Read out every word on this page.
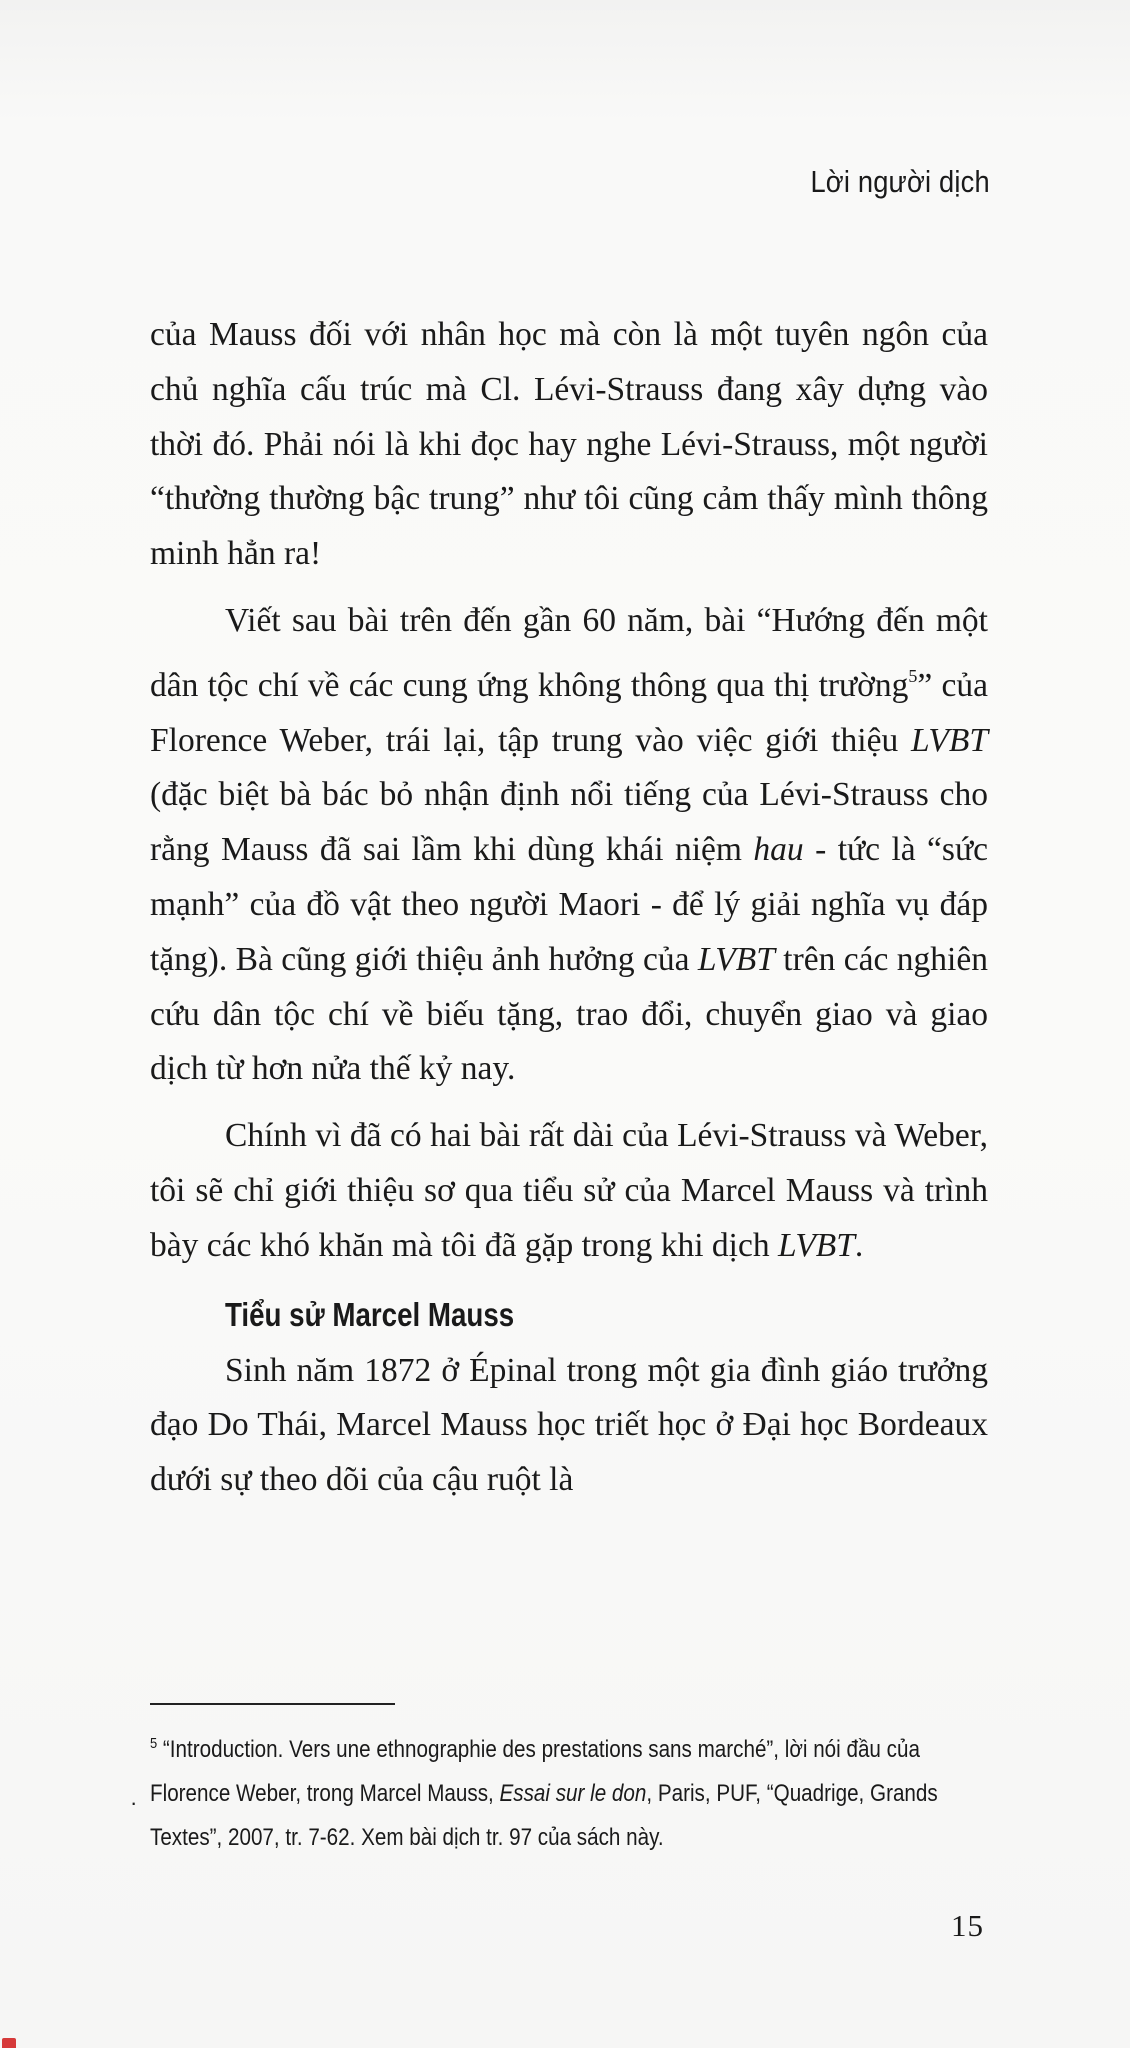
Lời người dịch

của Mauss đối với nhân học mà còn là một tuyên ngôn của chủ nghĩa cấu trúc mà Cl. Lévi-Strauss đang xây dựng vào thời đó. Phải nói là khi đọc hay nghe Lévi-Strauss, một người “thường thường bậc trung” như tôi cũng cảm thấy mình thông minh hẳn ra!

Viết sau bài trên đến gần 60 năm, bài “Hướng đến một dân tộc chí về các cung ứng không thông qua thị trường$^5$” của Florence Weber, trái lại, tập trung vào việc giới thiệu LVBT (đặc biệt bà bác bỏ nhận định nổi tiếng của Lévi-Strauss cho rằng Mauss đã sai lầm khi dùng khái niệm hau - tức là “sức mạnh” của đồ vật theo người Maori - để lý giải nghĩa vụ đáp tặng). Bà cũng giới thiệu ảnh hưởng của LVBT trên các nghiên cứu dân tộc chí về biếu tặng, trao đổi, chuyển giao và giao dịch từ hơn nửa thế kỷ nay.

Chính vì đã có hai bài rất dài của Lévi-Strauss và Weber, tôi sẽ chỉ giới thiệu sơ qua tiểu sử của Marcel Mauss và trình bày các khó khăn mà tôi đã gặp trong khi dịch LVBT.

Tiểu sử Marcel Mauss

Sinh năm 1872 ở Épinal trong một gia đình giáo trưởng đạo Do Thái, Marcel Mauss học triết học ở Đại học Bordeaux dưới sự theo dõi của cậu ruột là

$^5$ “Introduction. Vers une ethnographie des prestations sans marché”, lời nói đầu của Florence Weber, trong Marcel Mauss, Essai sur le don, Paris, PUF, “Quadrige, Grands Textes”, 2007, tr. 7-62. Xem bài dịch tr. 97 của sách này.
·
15
